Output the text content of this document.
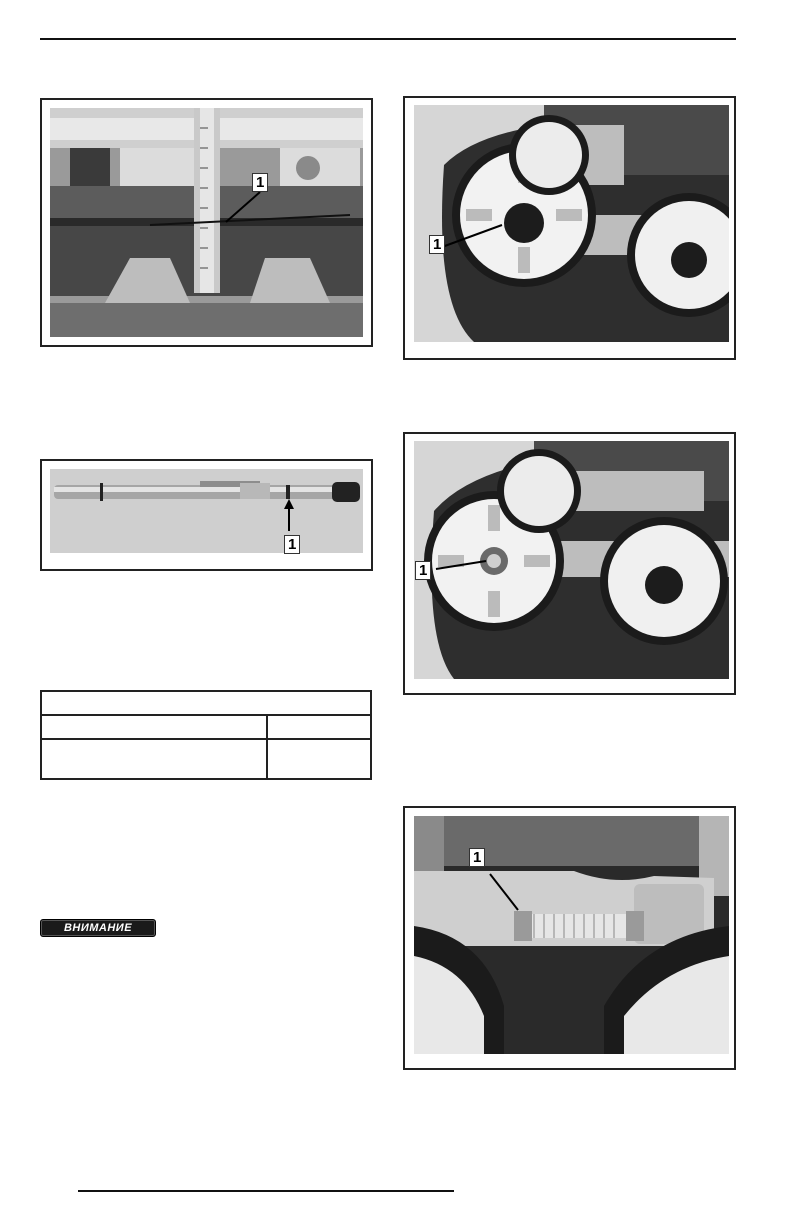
1
1
ВНИМАНИЕ
1
1
1
